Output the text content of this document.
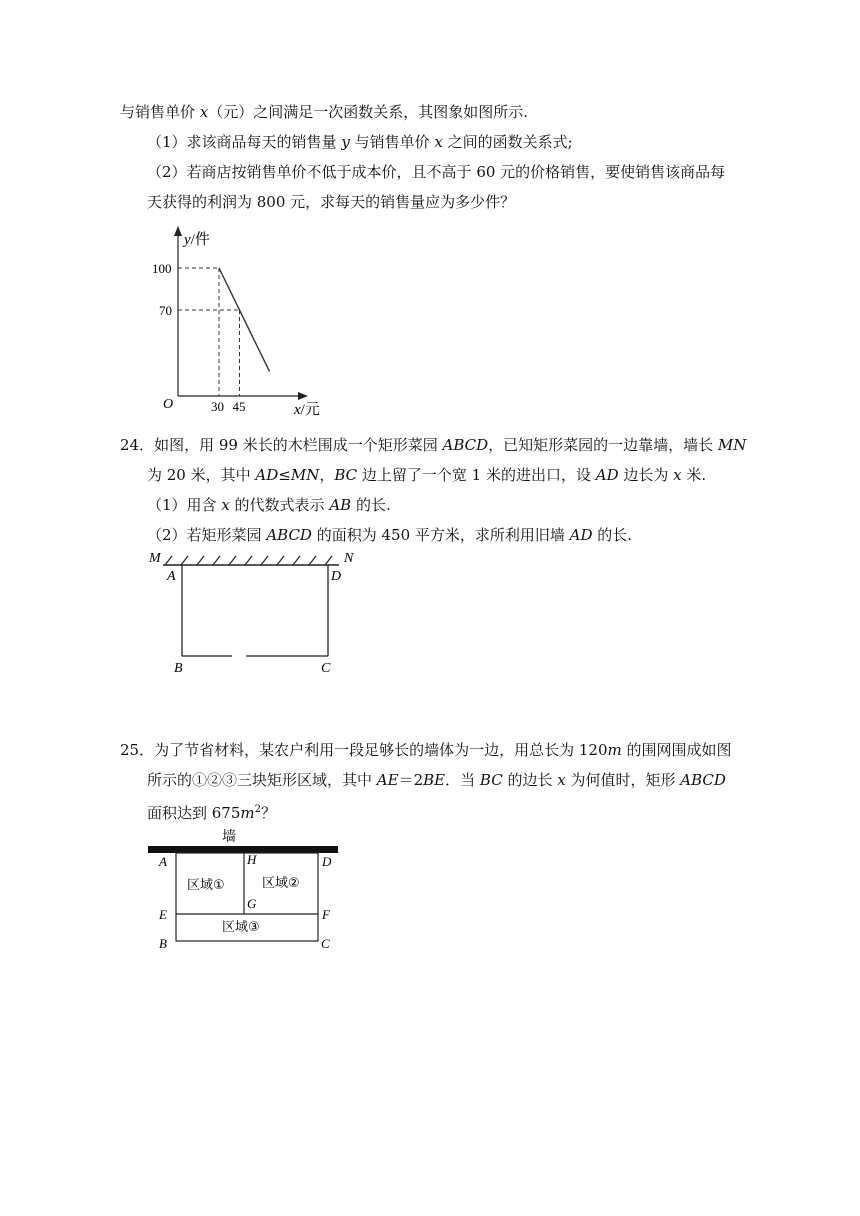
与销售单价 x（元）之间满足一次函数关系，其图象如图所示.
（1）求该商品每天的销售量 y 与销售单价 x 之间的函数关系式;
（2）若商店按销售单价不低于成本价，且不高于 60 元的价格销售，要使销售该商品每
天获得的利润为 800 元，求每天的销售量应为多少件？
100
70
30 45
O
y/件
x/元
24．如图，用 99 米长的木栏围成一个矩形菜园 ABCD，已知矩形菜园的一边靠墙，墙长 MN
为 20 米，其中 AD≤MN，BC 边上留了一个宽 1 米的进出口，设 AD 边长为 x 米.
（1）用含 x 的代数式表示 AB 的长.
（2）若矩形菜园 ABCD 的面积为 450 平方米，求所利用旧墙 AD 的长.
M	N
A	D
B	C
25．为了节省材料，某农户利用一段足够长的墙体为一边，用总长为 120m 的围网围成如图
所示的①②③三块矩形区域，其中 AE＝2BE．当 BC 的边长 x 为何值时，矩形 ABCD
面积达到 $675m^2$？
墙
A	H	D
G
E	F
B	C
区域①	区域②
区域③
